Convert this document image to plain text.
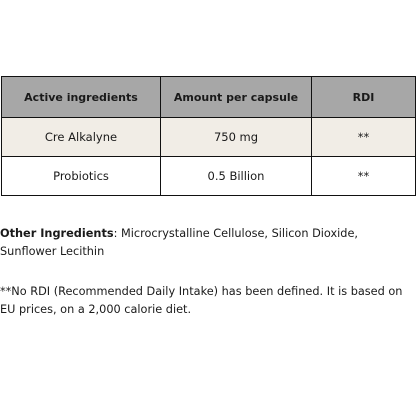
Active ingredients	Amount per capsule	RDI
Cre Alkalyne	750 mg	**
Probiotics	0.5 Billion	**

Other Ingredients: Microcrystalline Cellulose, Silicon Dioxide, Sunflower Lecithin

**No RDI (Recommended Daily Intake) has been defined. It is based on EU prices, on a 2,000 calorie diet.
